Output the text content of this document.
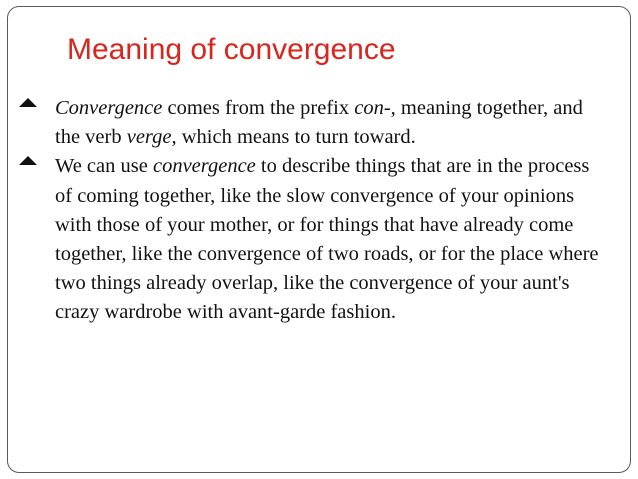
Meaning of convergence
Convergence comes from the prefix con-, meaning together, and the verb verge, which means to turn toward.
We can use convergence to describe things that are in the process of coming together, like the slow convergence of your opinions with those of your mother, or for things that have already come together, like the convergence of two roads, or for the place where two things already overlap, like the convergence of your aunt's crazy wardrobe with avant-garde fashion.
